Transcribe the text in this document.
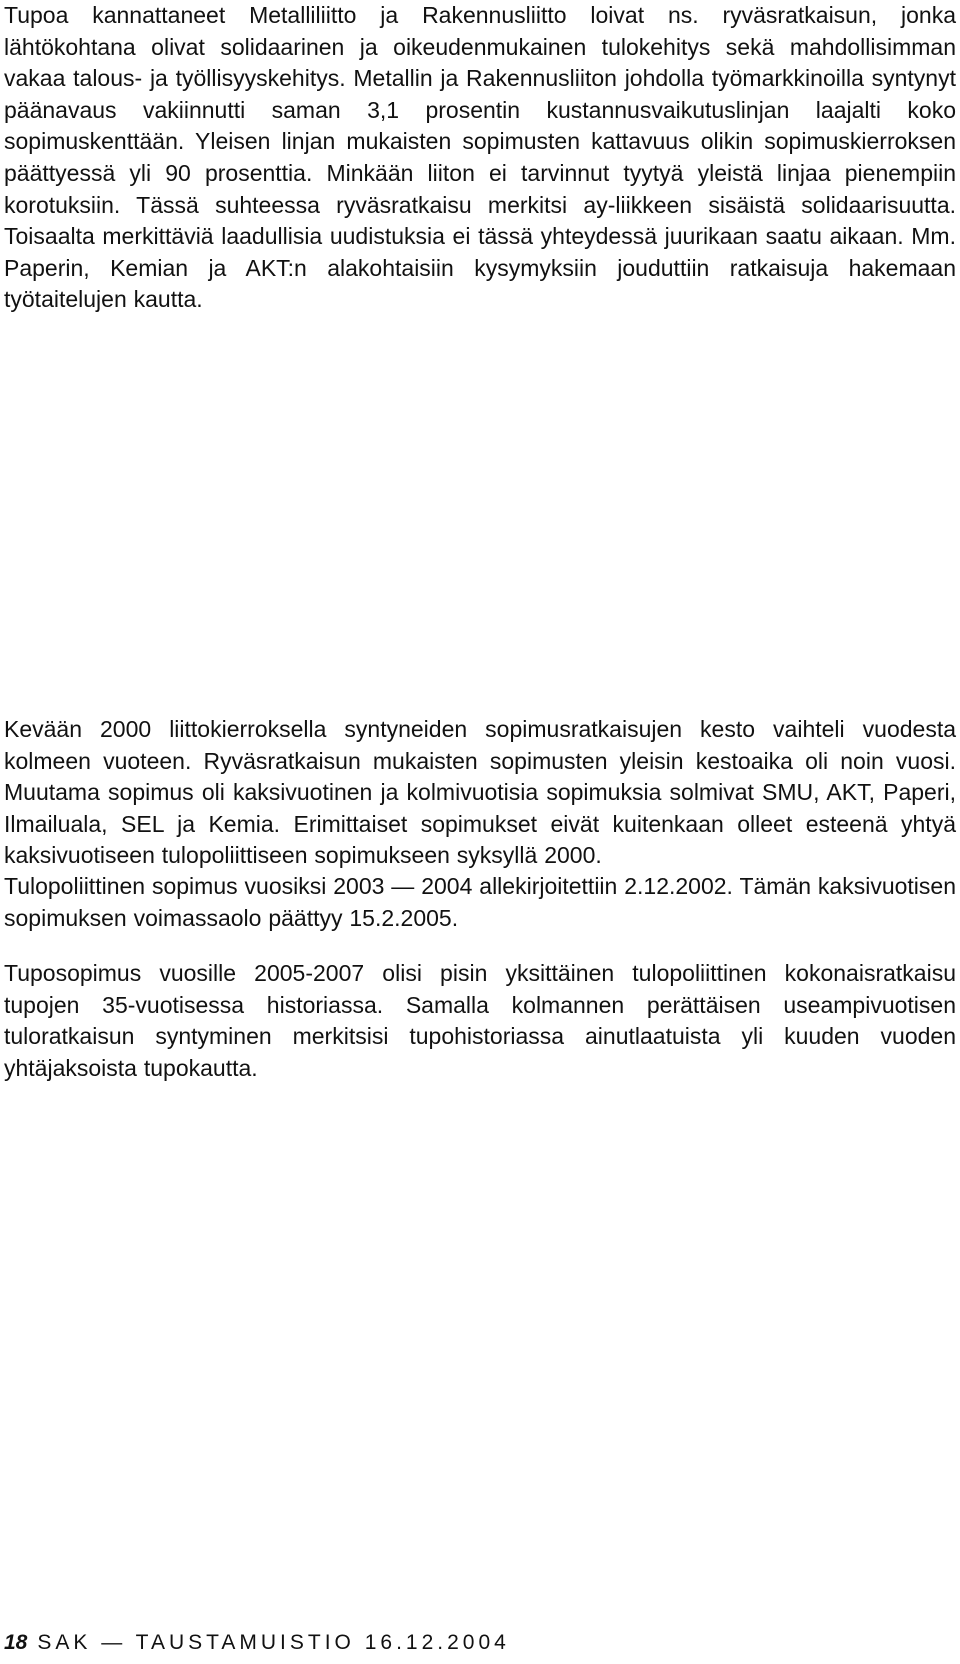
Tupoa kannattaneet Metalliliitto ja Rakennusliitto loivat ns. ryväsratkaisun, jonka lähtökohtana olivat solidaarinen ja oikeudenmukainen tulokehitys sekä mahdollisimman vakaa talous- ja työllisyyskehitys. Metallin ja Rakennusliiton johdolla työmarkkinoilla syntynyt päänavaus vakiinnutti saman 3,1 prosentin kustannusvaikutuslinjan laajalti koko sopimuskenttään. Yleisen linjan mukaisten sopimusten kattavuus olikin sopimuskierroksen päättyessä yli 90 prosenttia. Minkään liiton ei tarvinnut tyytyä yleistä linjaa pienempiin korotuksiin. Tässä suhteessa ryväsratkaisu merkitsi ay-liikkeen sisäistä solidaarisuutta. Toisaalta merkittäviä laadullisia uudistuksia ei tässä yhteydessä juurikaan saatu aikaan. Mm. Paperin, Kemian ja AKT:n alakohtaisiin kysymyksiin jouduttiin ratkaisuja hakemaan työtaitelujen kautta.

Kevään 2000 liittokierroksella syntyneiden sopimusratkaisujen kesto vaihteli vuodesta kolmeen vuoteen. Ryväsratkaisun mukaisten sopimusten yleisin kestoaika oli noin vuosi. Muutama sopimus oli kaksivuotinen ja kolmivuotisia sopimuksia solmivat SMU, AKT, Paperi, Ilmailuala, SEL ja Kemia. Erimittaiset sopimukset eivät kuitenkaan olleet esteenä yhtyä kaksivuotiseen tulopoliittiseen sopimukseen syksyllä 2000.

Tulopoliittinen sopimus vuosiksi 2003 — 2004 allekirjoitettiin 2.12.2002. Tämän kaksivuotisen sopimuksen voimassaolo päättyy 15.2.2005.

Tuposopimus vuosille 2005-2007 olisi pisin yksittäinen tulopoliittinen kokonaisratkaisu tupojen 35-vuotisessa historiassa. Samalla kolmannen perättäisen useampivuotisen tuloratkaisun syntyminen merkitsisi tupohistoriassa ainutlaatuista yli kuuden vuoden yhtäjaksoista tupokautta.

18 SAK — TAUSTAMUISTIO 16.12.2004
